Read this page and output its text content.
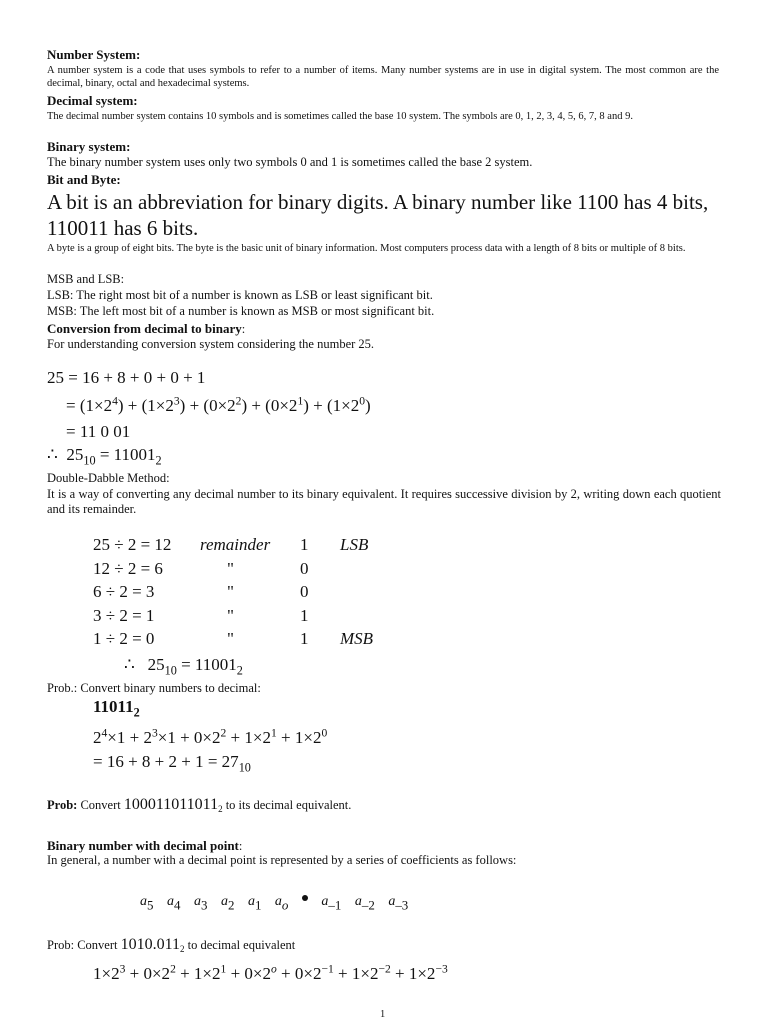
Number System:
A number system is a code that uses symbols to refer to a number of items. Many number systems are in use in digital system. The most common are the decimal, binary, octal and hexadecimal systems.
Decimal system:
The decimal number system contains 10 symbols and is sometimes called the base 10 system. The symbols are 0, 1, 2, 3, 4, 5, 6, 7, 8 and 9.
Binary system:
The binary number system uses only two symbols 0 and 1 is sometimes called the base 2 system.
Bit and Byte:
A bit is an abbreviation for binary digits. A binary number like 1100 has 4 bits, 110011 has 6 bits.
A byte is a group of eight bits. The byte is the basic unit of binary information. Most computers process data with a length of 8 bits or multiple of 8 bits.
MSB and LSB:
LSB: The right most bit of a number is known as LSB or least significant bit.
MSB: The left most bit of a number is known as MSB or most significant bit.
Conversion from decimal to binary:
For understanding conversion system considering the number 25.
25 = 16 + 8 + 0 + 0 + 1
= $(1\times 2^4) + (1\times 2^3) + (0\times 2^2) + (0\times 2^1) + (1\times 2^0)$
= 11 0 01
∴ $25_{10} = 11001_2$
Double-Dabble Method:
It is a way of converting any decimal number to its binary equivalent. It requires successive division by 2, writing down each quotient and its remainder.
25 ÷ 2 = 12 remainder 1 LSB
12 ÷ 2 = 6	"	0
6 ÷ 2 = 3	"	0
3 ÷ 2 = 1	"	1
1 ÷ 2 = 0	"	1 MSB
∴ $25_{10} = 11001_2$
Prob.: Convert binary numbers to decimal:
$11011_2$
$2^4\times 1 + 2^3\times 1 + 0\times 2^2 + 1\times 2^1 + 1\times 2^0$
= $16 + 8 + 2 + 1 = 27_{10}$
Prob: Convert $100011011011_2$ to its decimal equivalent.
Binary number with decimal point:
In general, a number with a decimal point is represented by a series of coefficients as follows:
$a_5$ $a_4$ $a_3$ $a_2$ $a_1$ $a_o$ $a_{-1}$ $a_{-2}$ $a_{-3}$
Prob: Convert $1010.011_2$ to decimal equivalent
$1\times 2^3 + 0\times 2^2 + 1\times 2^1 + 0\times 2^o + 0\times 2^{-1} + 1\times 2^{-2} + 1\times 2^{-3}$
1
